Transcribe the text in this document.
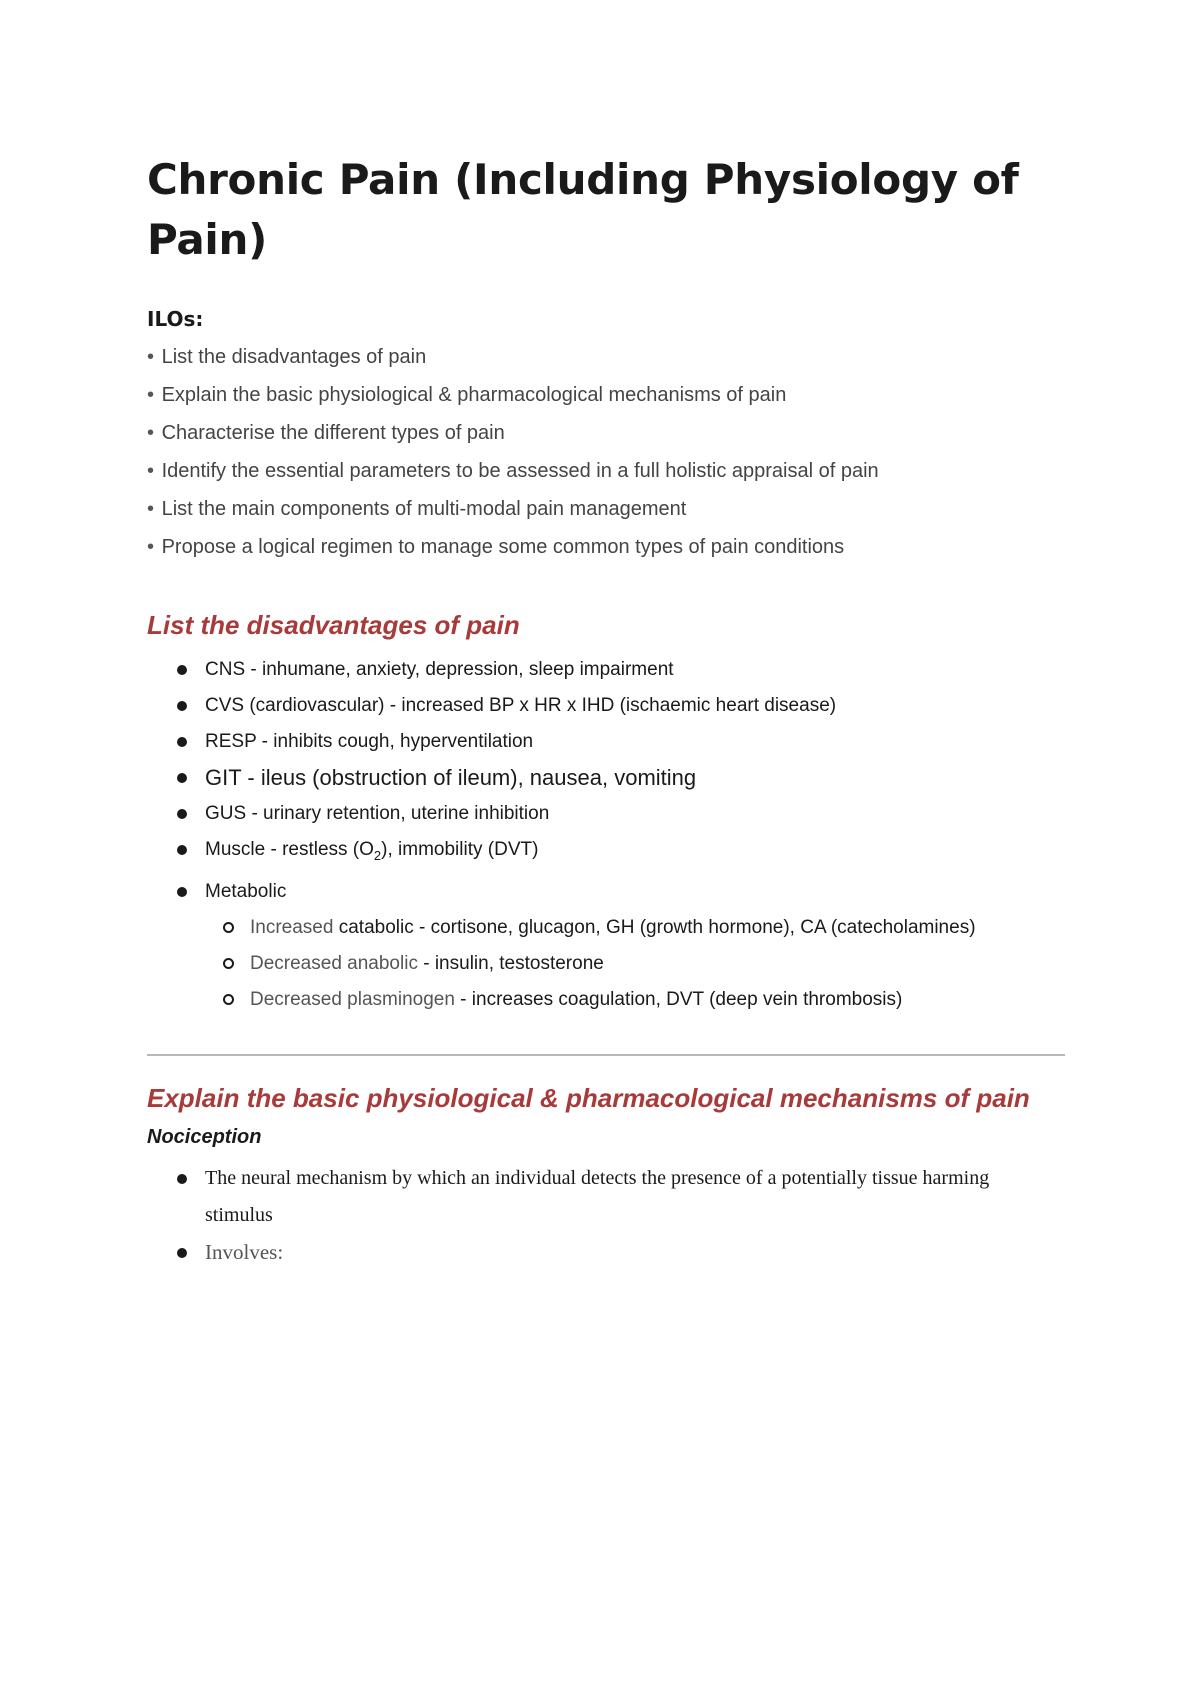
Chronic Pain (Including Physiology of Pain)
ILOs:
• List the disadvantages of pain
• Explain the basic physiological & pharmacological mechanisms of pain
• Characterise the different types of pain
• Identify the essential parameters to be assessed in a full holistic appraisal of pain
• List the main components of multi-modal pain management
• Propose a logical regimen to manage some common types of pain conditions
List the disadvantages of pain
CNS - inhumane, anxiety, depression, sleep impairment
CVS (cardiovascular) - increased BP x HR x IHD (ischaemic heart disease)
RESP - inhibits cough, hyperventilation
GIT - ileus (obstruction of ileum), nausea, vomiting
GUS - urinary retention, uterine inhibition
Muscle - restless $(O_2)$, immobility (DVT)
Metabolic
Increased catabolic - cortisone, glucagon, GH (growth hormone), CA (catecholamines)
Decreased anabolic - insulin, testosterone
Decreased plasminogen - increases coagulation, DVT (deep vein thrombosis)
Explain the basic physiological & pharmacological mechanisms of pain
Nociception
The neural mechanism by which an individual detects the presence of a potentially tissue harming stimulus
Involves:
